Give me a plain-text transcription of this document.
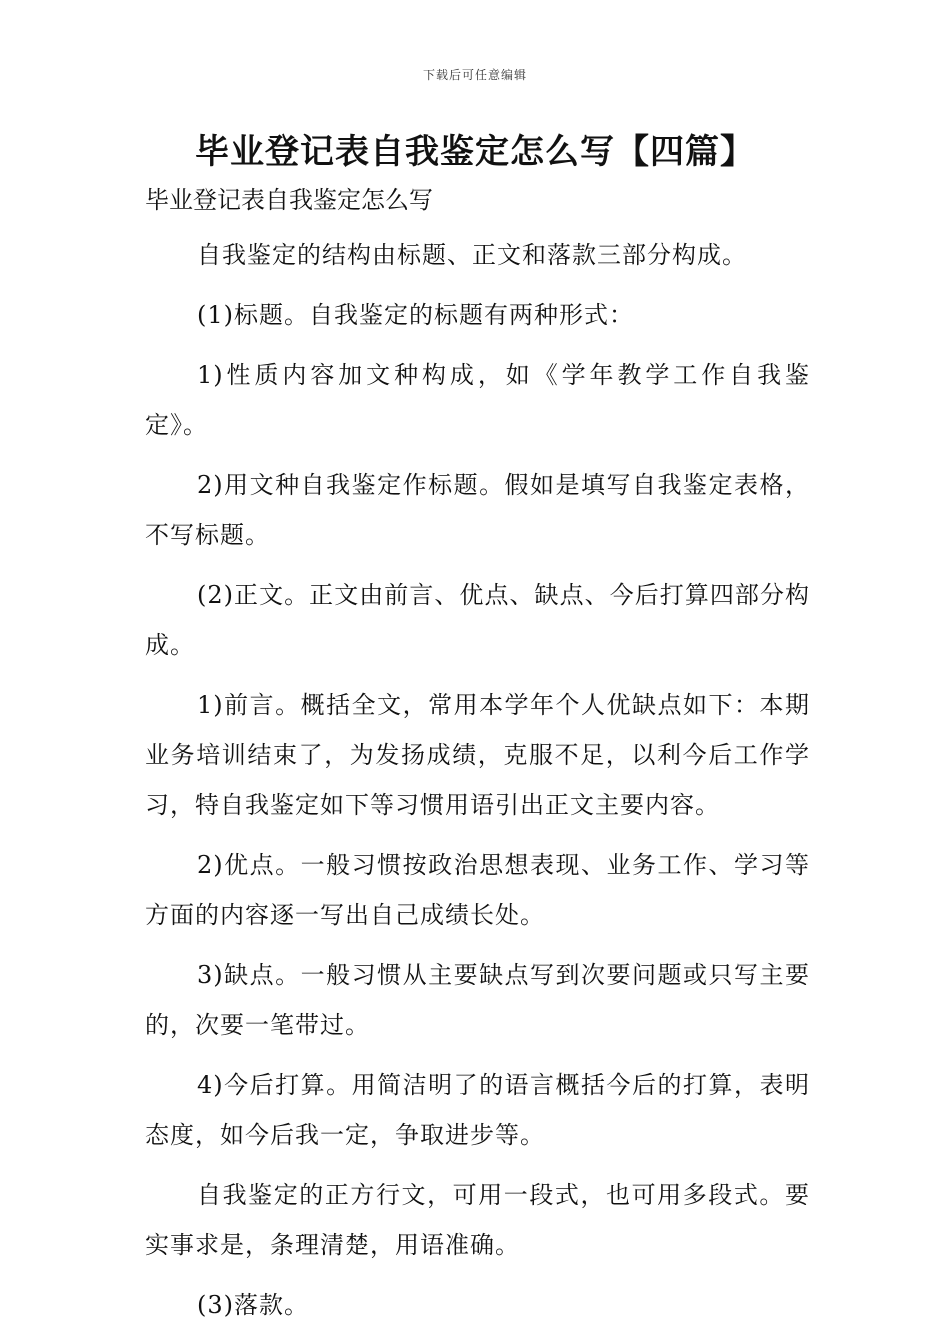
下载后可任意编辑
毕业登记表自我鉴定怎么写【四篇】

毕业登记表自我鉴定怎么写

自我鉴定的结构由标题、正文和落款三部分构成。

(1)标题。自我鉴定的标题有两种形式：

1)性质内容加文种构成，如《学年教学工作自我鉴定》。

2)用文种自我鉴定作标题。假如是填写自我鉴定表格，不写标题。

(2)正文。正文由前言、优点、缺点、今后打算四部分构成。

1)前言。概括全文，常用本学年个人优缺点如下：本期业务培训结束了，为发扬成绩，克服不足，以利今后工作学习，特自我鉴定如下等习惯用语引出正文主要内容。

2)优点。一般习惯按政治思想表现、业务工作、学习等方面的内容逐一写出自己成绩长处。

3)缺点。一般习惯从主要缺点写到次要问题或只写主要的，次要一笔带过。

4)今后打算。用简洁明了的语言概括今后的打算，表明态度，如今后我一定，争取进步等。

自我鉴定的正方行文，可用一段式，也可用多段式。要实事求是，条理清楚，用语准确。

(3)落款。
